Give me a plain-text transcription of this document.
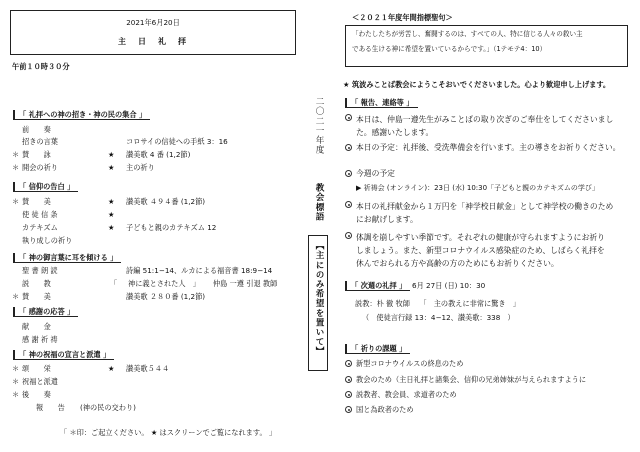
2021年6月20日
主　日　礼　拝
午前１０時３０分
「 礼拝への神の招き・神の民の集合 」
前　　奏
招きの言葉	コロサイの信徒への手紙 3：16
＊ 賛　　詠	★ 讃美歌 4 番 (1,2節)
＊ 開会の祈り	★ 主の祈り
「 信仰の告白 」
＊ 賛　　美	★ 讃美歌 ４９４番 (1,2節)
使 徒 信 条	★
カテキズム	★ 子どもと親のカテキズム 12
執り成しの祈り
「 神の御言葉に耳を傾ける 」
聖 書 朗 読	詩編 51:1−14、ルカによる福音書 18:9−14
説　　教	「 神に義とされた人　」　　 仲島 一遵 引退 教師
＊ 賛　　美	讃美歌 ２８０番 (1,2節)
「 感謝の応答 」
献　　金
感 謝 祈 祷
「 神の祝福の宣言と派遣 」
＊ 頌　　栄	★ 讃美歌５４４
＊ 祝福と派遣
＊ 後　　奏
報　　告 (神の民の交わり)
「 ＊印：ご起立ください。 ★ はスクリーンでご覧になれます。 」
二〇二一年度
教会標語
【主にのみ希望を置いて】
＜２０２１年度年間指標聖句＞
「わたしたちが労苦し、奮闘するのは、すべての人、特に信じる人々の救い主
である生ける神に希望を置いているからです。」（1テモテ4：10）
★ 筑波みことば教会にようこそおいでくださいました。心より歓迎申し上げます。
「 報告、連絡等 」
本日は、仲島一遵先生がみことばの取り次ぎのご奉仕をしてくださいまし
た。感謝いたします。
本日の予定：礼拝後、受洗準備会を行います。主の導きをお祈りください。
今週の予定
▶ 祈祷会 (オンライン)：23日 (水) 10:30「子どもと親のカテキズムの学び」
本日の礼拝献金から１万円を「神学校日献金」として神学校の働きのため
にお献げします。
体調を崩しやすい季節です。それぞれの健康が守られますようにお祈り
しましょう。また、新型コロナウイルス感染症のため、しばらく礼拝を
休んでおられる方や高齢の方のためにもお祈りください。
「 次週の礼拝 」 6月 27日 (日) 10：30
説教：朴 徹 牧師　 「　主の教えに非常に驚き　」
（　使徒言行録 13：4−12、讃美歌：338　）
「 祈りの課題 」
新型コロナウイルスの終息のため
教会のため（主日礼拝と諸集会、信仰の兄弟姉妹が与えられますように
説教者、教会員、求道者のため
国と為政者のため
